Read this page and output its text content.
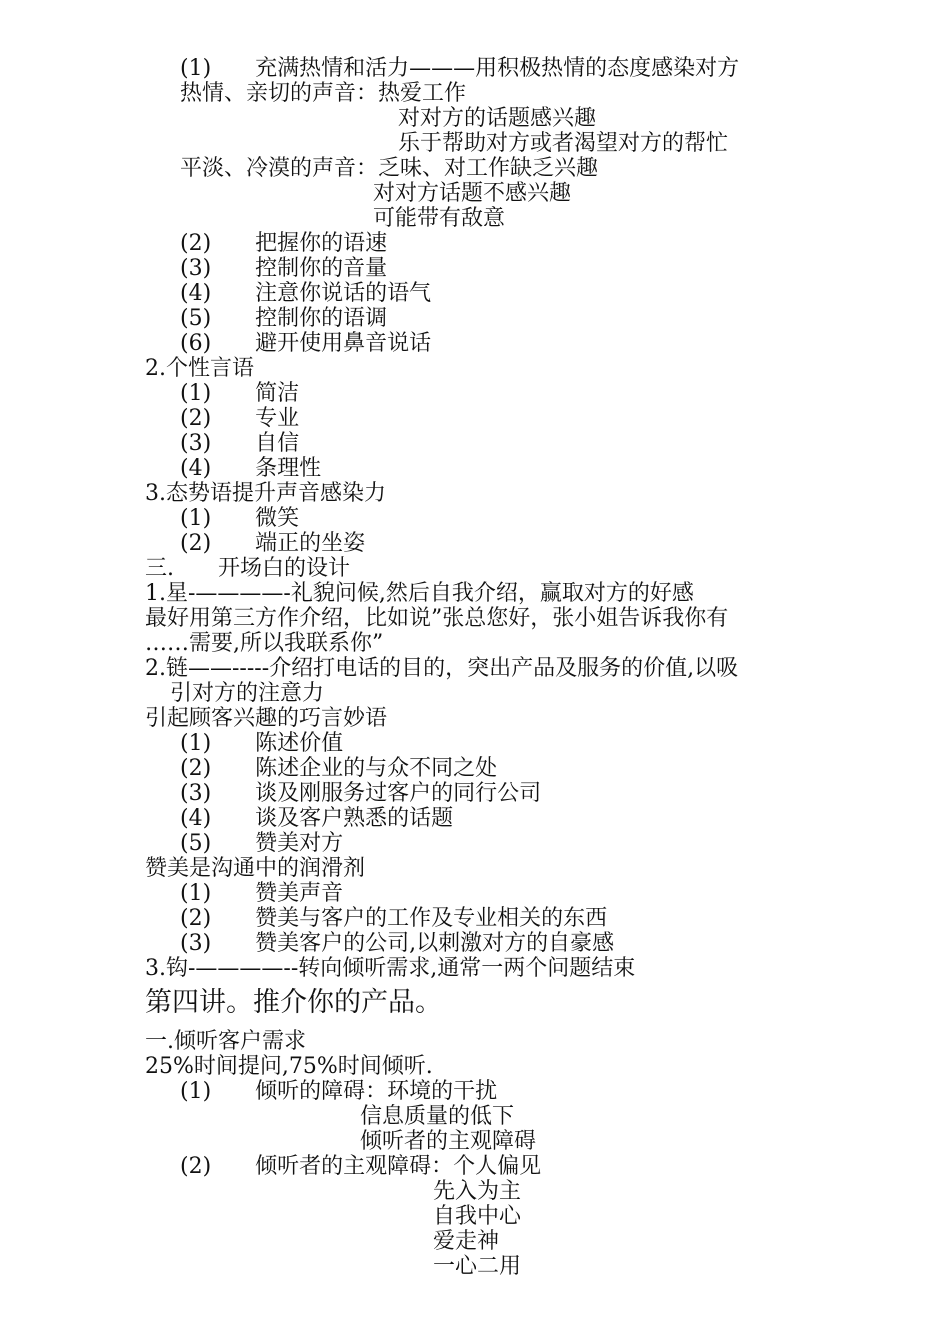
(1)　　充满热情和活力———用积极热情的态度感染对方
热情、亲切的声音：热爱工作
对对方的话题感兴趣
乐于帮助对方或者渴望对方的帮忙
平淡、冷漠的声音：乏味、对工作缺乏兴趣
对对方话题不感兴趣
可能带有敌意
(2)　　把握你的语速
(3)　　控制你的音量
(4)　　注意你说话的语气
(5)　　控制你的语调
(6)　　避开使用鼻音说话
2.个性言语
(1)　　简洁
(2)　　专业
(3)　　自信
(4)　　条理性
3.态势语提升声音感染力
(1)　　微笑
(2)　　端正的坐姿
三.　　开场白的设计
1.星-————-礼貌问候,然后自我介绍，赢取对方的好感
最好用第三方作介绍，比如说”张总您好，张小姐告诉我你有
……需要,所以我联系你”
2.链——-----介绍打电话的目的，突出产品及服务的价值,以吸
引对方的注意力
引起顾客兴趣的巧言妙语
(1)　　陈述价值
(2)　　陈述企业的与众不同之处
(3)　　谈及刚服务过客户的同行公司
(4)　　谈及客户熟悉的话题
(5)　　赞美对方
赞美是沟通中的润滑剂
(1)　　赞美声音
(2)　　赞美与客户的工作及专业相关的东西
(3)　　赞美客户的公司,以刺激对方的自豪感
3.钩-————--转向倾听需求,通常一两个问题结束
第四讲。推介你的产品。
一.倾听客户需求
25%时间提问,75%时间倾听.
(1)　　倾听的障碍：环境的干扰
信息质量的低下
倾听者的主观障碍
(2)　　倾听者的主观障碍：个人偏见
先入为主
自我中心
爱走神
一心二用
